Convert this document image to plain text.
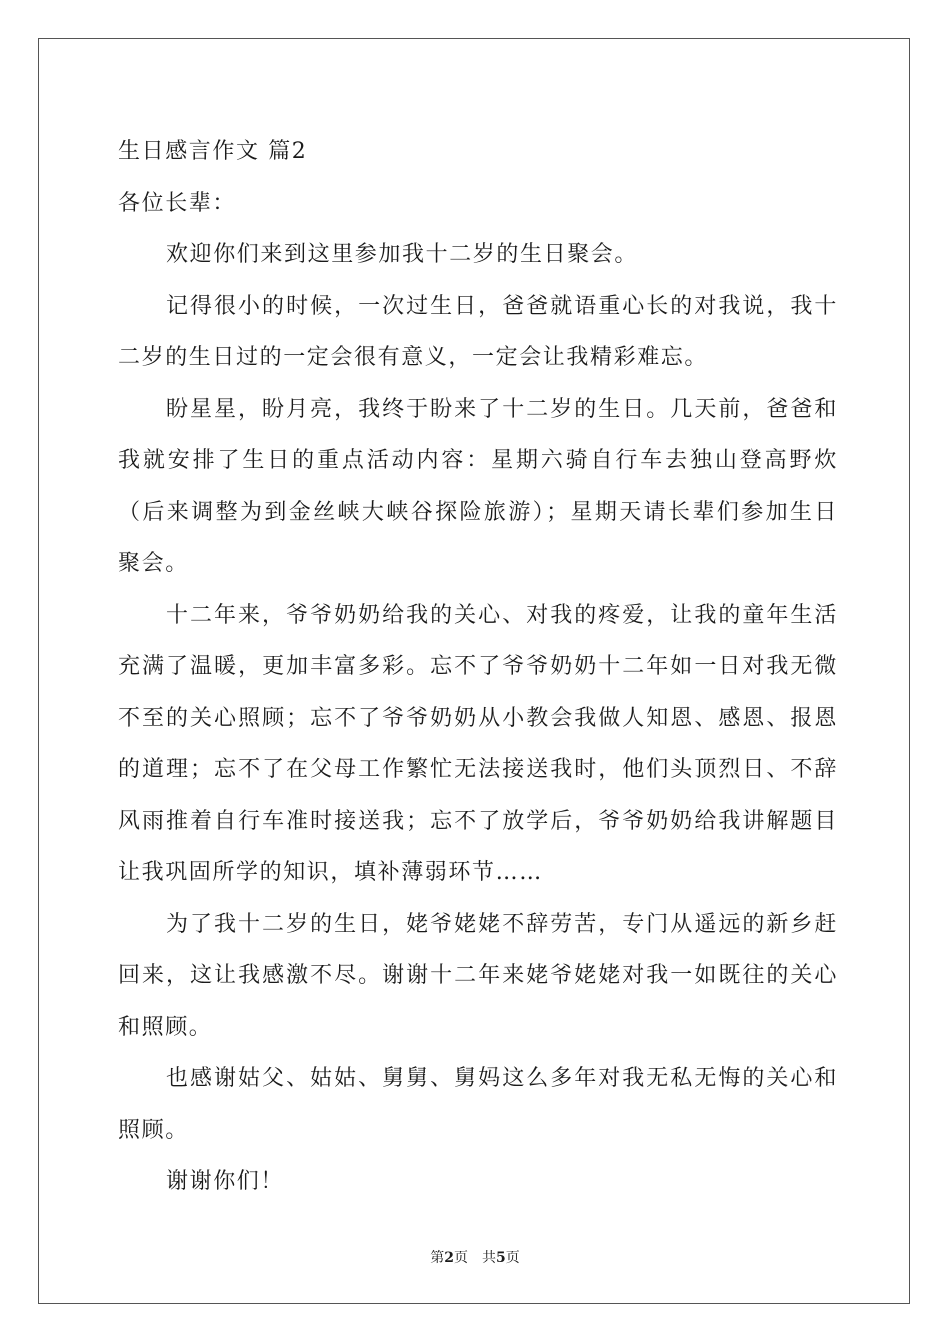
生日感言作文 篇2

各位长辈：

欢迎你们来到这里参加我十二岁的生日聚会。

记得很小的时候，一次过生日，爸爸就语重心长的对我说，我十二岁的生日过的一定会很有意义，一定会让我精彩难忘。

盼星星，盼月亮，我终于盼来了十二岁的生日。几天前，爸爸和我就安排了生日的重点活动内容：星期六骑自行车去独山登高野炊（后来调整为到金丝峡大峡谷探险旅游）；星期天请长辈们参加生日聚会。

十二年来，爷爷奶奶给我的关心、对我的疼爱，让我的童年生活充满了温暖，更加丰富多彩。忘不了爷爷奶奶十二年如一日对我无微不至的关心照顾；忘不了爷爷奶奶从小教会我做人知恩、感恩、报恩的道理；忘不了在父母工作繁忙无法接送我时，他们头顶烈日、不辞风雨推着自行车准时接送我；忘不了放学后，爷爷奶奶给我讲解题目让我巩固所学的知识，填补薄弱环节……

为了我十二岁的生日，姥爷姥姥不辞劳苦，专门从遥远的新乡赶回来，这让我感激不尽。谢谢十二年来姥爷姥姥对我一如既往的关心和照顾。

也感谢姑父、姑姑、舅舅、舅妈这么多年对我无私无悔的关心和照顾。

谢谢你们！

第2页 共5页
